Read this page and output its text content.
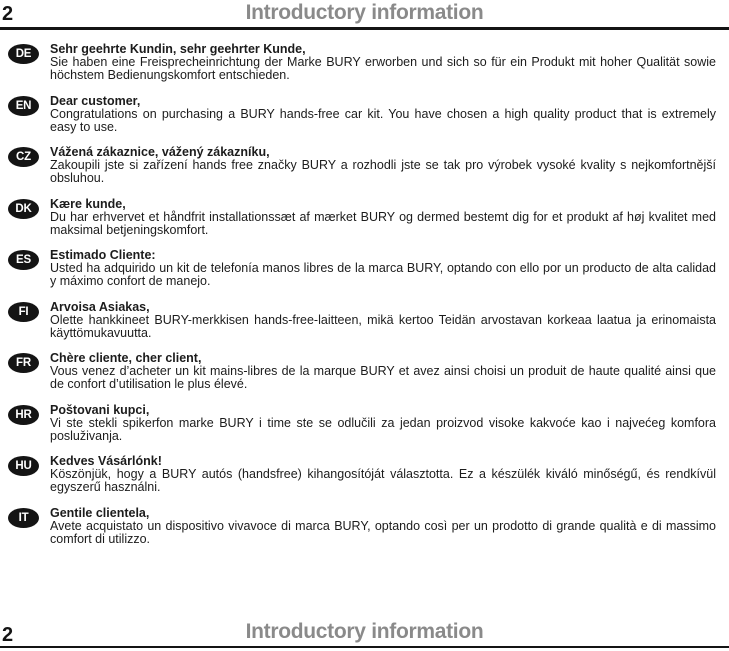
2	Introductory information
DE Sehr geehrte Kundin, sehr geehrter Kunde,
Sie haben eine Freisprecheinrichtung der Marke BURY erworben und sich so für ein Produkt mit hoher Qualität sowie höchstem Bedienungskomfort entschieden.
EN Dear customer,
Congratulations on purchasing a BURY hands-free car kit. You have chosen a high quality product that is extremely easy to use.
CZ Vážená zákaznice, vážený zákazníku,
Zakoupili jste si zařízení hands free značky BURY a rozhodli jste se tak pro výrobek vysoké kvality s nejkomfortnější obsluhou.
DK Kære kunde,
Du har erhvervet et håndfrit installationssæt af mærket BURY og dermed bestemt dig for et produkt af høj kvalitet med maksimal betjeningskomfort.
ES Estimado Cliente:
Usted ha adquirido un kit de telefonía manos libres de la marca BURY, optando con ello por un producto de alta calidad y máximo confort de manejo.
FI Arvoisa Asiakas,
Olette hankkineet BURY-merkkisen hands-free-laitteen, mikä kertoo Teidän arvostavan korkeaa laatua ja erinomaista käyttömukavuutta.
FR Chère cliente, cher client,
Vous venez d’acheter un kit mains-libres de la marque BURY et avez ainsi choisi un produit de haute qualité ainsi que de confort d’utilisation le plus élevé.
HR Poštovani kupci,
Vi ste stekli spikerfon marke BURY i time ste se odlučili za jedan proizvod visoke kakvoće kao i najvećeg komfora posluživanja.
HU Kedves Vásárlónk!
Köszönjük, hogy a BURY autós (handsfree) kihangosítóját választotta. Ez a készülék kiváló minőségű, és rendkívül egyszerű használni.
IT Gentile clientela,
Avete acquistato un dispositivo vivavoce di marca BURY, optando così per un prodotto di grande qualità e di massimo comfort di utilizzo.
2	Introductory information
